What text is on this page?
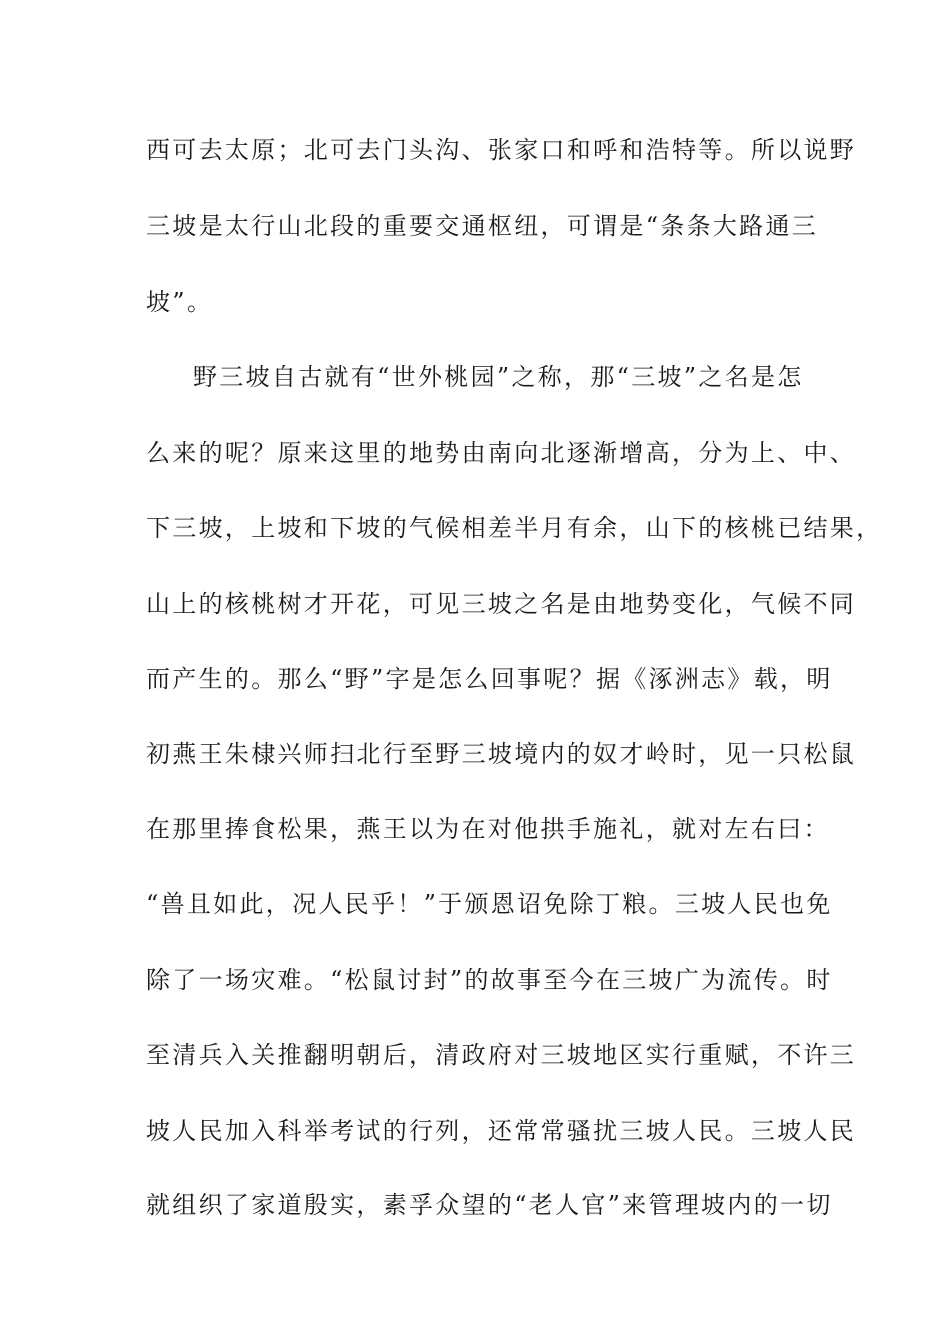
西可去太原；北可去门头沟、张家口和呼和浩特等。所以说野
三坡是太行山北段的重要交通枢纽，可谓是“条条大路通三
坡”。
野三坡自古就有“世外桃园”之称，那“三坡”之名是怎
么来的呢？原来这里的地势由南向北逐渐增高，分为上、中、
下三坡，上坡和下坡的气候相差半月有余，山下的核桃已结果，
山上的核桃树才开花，可见三坡之名是由地势变化，气候不同
而产生的。那么“野”字是怎么回事呢？据《涿洲志》载，明
初燕王朱棣兴师扫北行至野三坡境内的奴才岭时，见一只松鼠
在那里捧食松果，燕王以为在对他拱手施礼，就对左右曰：
“兽且如此，况人民乎！”于颁恩诏免除丁粮。三坡人民也免
除了一场灾难。“松鼠讨封”的故事至今在三坡广为流传。时
至清兵入关推翻明朝后，清政府对三坡地区实行重赋，不许三
坡人民加入科举考试的行列，还常常骚扰三坡人民。三坡人民
就组织了家道殷实，素孚众望的“老人官”来管理坡内的一切
